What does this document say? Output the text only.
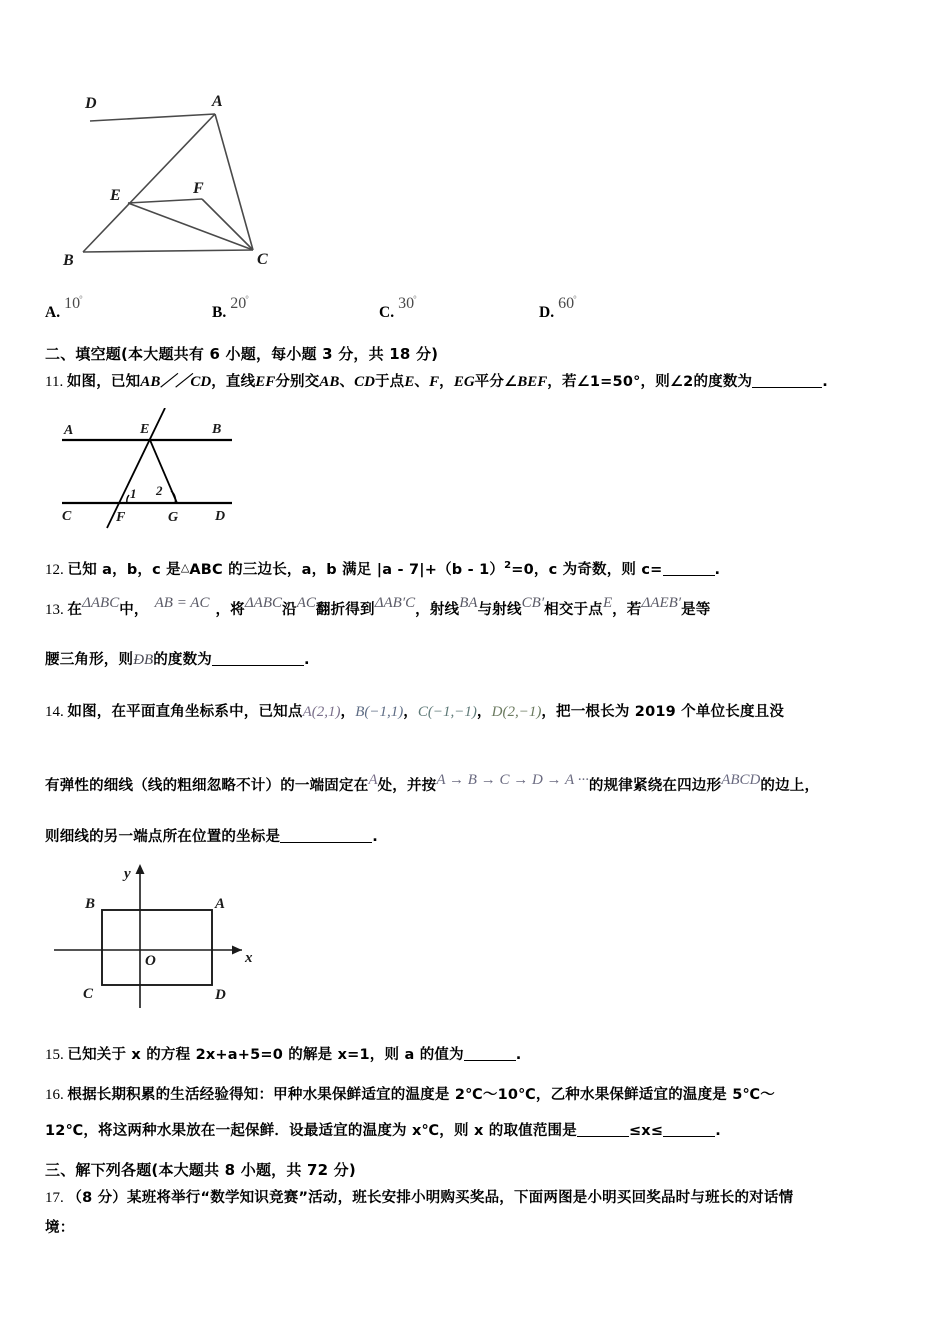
D	A
E	F
B	C
A.10°
B.20°
C.30°
D.60°
二、填空题(本大题共有 6 小题，每小题 3 分，共 18 分)
11. 如图，已知AB／／CD，直线EF分别交AB、CD于点E、F，EG平分∠BEF，若∠1=50°，则∠2的度数为	.
A	E	B
C	F	G	D
1 2
12. 已知 a，b，c 是△ABC 的三边长，a，b 满足 |a - 7|+（b - 1）$^2$=0，c 为奇数，则 c=	.
13. 在ΔABC中， AB = AC ，将ΔABC沿AC翻折得到ΔAB′C，射线BA与射线CB′相交于点E，若ΔAEB′是等
腰三角形，则ÐB的度数为	.
14. 如图，在平面直角坐标系中，已知点A(2,1)，B(−1,1)，C(−1,−1)，D(2,−1)，把一根长为 2019 个单位长度且没
有弹性的细线（线的粗细忽略不计）的一端固定在A处，并按A → B → C → D → A ···的规律紧绕在四边形ABCD的边上，
则细线的另一端点所在位置的坐标是	.
y
x
O
A
B
C	D
15. 已知关于 x 的方程 2x+a+5=0 的解是 x=1，则 a 的值为	.
16. 根据长期积累的生活经验得知：甲种水果保鲜适宜的温度是 2℃～10℃，乙种水果保鲜适宜的温度是 5℃～
12℃，将这两种水果放在一起保鲜．设最适宜的温度为 x℃，则 x 的取值范围是	≤x≤	.
三、解下列各题(本大题共 8 小题，共 72 分)
17. （8 分）某班将举行“数学知识竞赛”活动，班长安排小明购买奖品，下面两图是小明买回奖品时与班长的对话情
境：
